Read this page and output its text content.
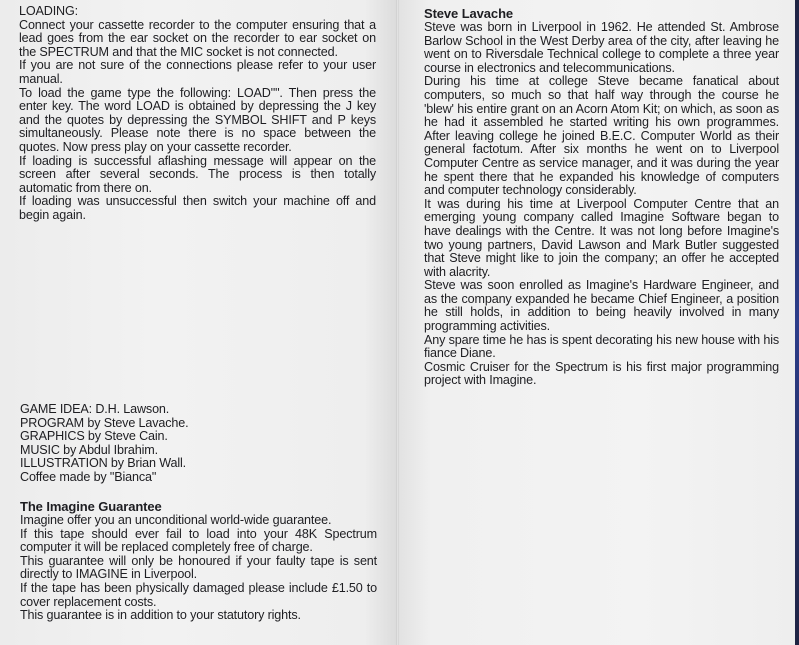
LOADING:

Connect your cassette recorder to the computer ensuring that a lead goes from the ear socket on the recorder to ear socket on the SPECTRUM and that the MIC socket is not connected.

If you are not sure of the connections please refer to your user manual.

To load the game type the following: LOAD"". Then press the enter key. The word LOAD is obtained by depressing the J key and the quotes by depressing the SYMBOL SHIFT and P keys simultaneously. Please note there is no space between the quotes. Now press play on your cassette recorder.

If loading is successful aflashing message will appear on the screen after several seconds. The process is then totally automatic from there on.

If loading was unsuccessful then switch your machine off and begin again.

GAME IDEA: D.H. Lawson.

PROGRAM by Steve Lavache.

GRAPHICS by Steve Cain.

MUSIC by Abdul Ibrahim.

ILLUSTRATION by Brian Wall.

Coffee made by "Bianca"

The Imagine Guarantee

Imagine offer you an unconditional world-wide guarantee.

If this tape should ever fail to load into your 48K Spectrum computer it will be replaced completely free of charge.

This guarantee will only be honoured if your faulty tape is sent directly to IMAGINE in Liverpool.

If the tape has been physically damaged please include £1.50 to cover replacement costs.

This guarantee is in addition to your statutory rights.

Steve Lavache

Steve was born in Liverpool in 1962. He attended St. Ambrose Barlow School in the West Derby area of the city, after leaving he went on to Riversdale Technical college to complete a three year course in electronics and telecommunications.

During his time at college Steve became fanatical about computers, so much so that half way through the course he 'blew' his entire grant on an Acorn Atom Kit; on which, as soon as he had it assembled he started writing his own programmes. After leaving college he joined B.E.C. Computer World as their general factotum. After six months he went on to Liverpool Computer Centre as service manager, and it was during the year he spent there that he expanded his knowledge of computers and computer technology considerably.

It was during his time at Liverpool Computer Centre that an emerging young company called Imagine Software began to have dealings with the Centre. It was not long before Imagine's two young partners, David Lawson and Mark Butler suggested that Steve might like to join the company; an offer he accepted with alacrity.

Steve was soon enrolled as Imagine's Hardware Engineer, and as the company expanded he became Chief Engineer, a position he still holds, in addition to being heavily involved in many programming activities.

Any spare time he has is spent decorating his new house with his fiance Diane.

Cosmic Cruiser for the Spectrum is his first major programming project with Imagine.
